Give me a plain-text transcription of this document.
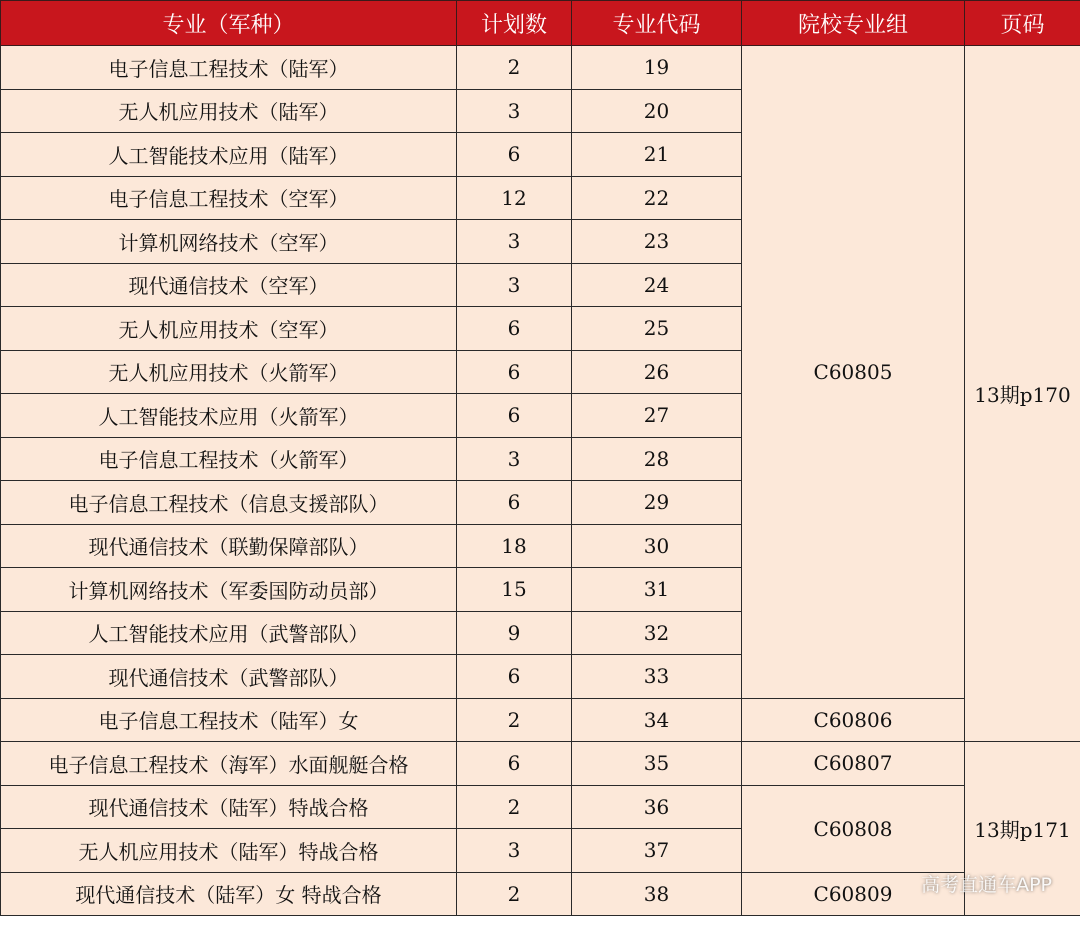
专业（军种）	计划数	专业代码	院校专业组	页码
电子信息工程技术（陆军）	2	19	C60805	13期p170
无人机应用技术（陆军）	3	20		
人工智能技术应用（陆军）	6	21		
电子信息工程技术（空军）	12	22		
计算机网络技术（空军）	3	23		
现代通信技术（空军）	3	24		
无人机应用技术（空军）	6	25		
无人机应用技术（火箭军）	6	26		
人工智能技术应用（火箭军）	6	27		
电子信息工程技术（火箭军）	3	28		
电子信息工程技术（信息支援部队）	6	29		
现代通信技术（联勤保障部队）	18	30		
计算机网络技术（军委国防动员部）	15	31		
人工智能技术应用（武警部队）	9	32		
现代通信技术（武警部队）	6	33		
电子信息工程技术（陆军）女	2	34	C60806	
电子信息工程技术（海军）水面舰艇合格	6	35	C60807	13期p171
现代通信技术（陆军）特战合格	2	36	C60808	
无人机应用技术（陆军）特战合格	3	37		
现代通信技术（陆军）女 特战合格	2	38	C60809	高考直通车APP
